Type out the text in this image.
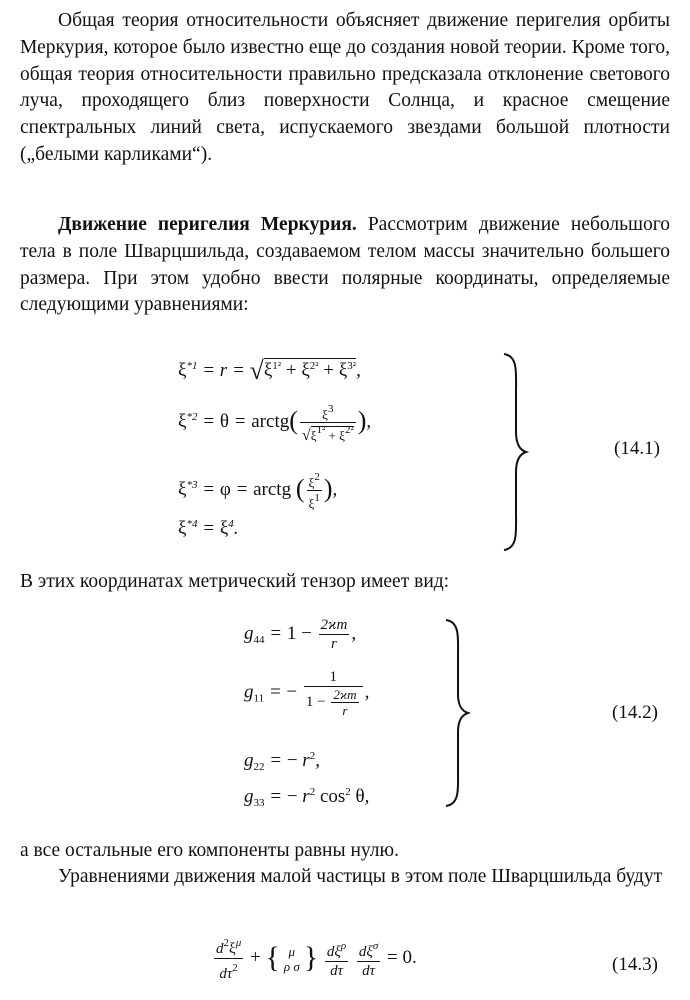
Общая теория относительности объясняет движение перигелия орбиты Меркурия, которое было известно еще до создания новой теории. Кроме того, общая теория относительности правильно предсказала отклонение светового луча, проходящего близ поверхности Солнца, и красное смещение спектральных линий света, испускаемого звездами большой плотности („белыми карликами“).

Движение перигелия Меркурия. Рассмотрим движение небольшого тела в поле Шварцшильда, создаваемом телом массы значительно большего размера. При этом удобно ввести полярные координаты, определяемые следующими уравнениями:

$\xi^{*1} = r = √\xi^{1^2} + \xi^{2^2} + \xi^{3^2}$,
$\xi^{*2} = \theta$ = arctg( $\frac{\xi^3}{√\xi^{1^2} + \xi^{2^2}}$ ),
$\xi^{*3} = \varphi$ = arctg ( $\frac{\xi^2}{\xi^1}$ ),
$\xi^{*4} = \xi^4$.
(14.1)

В этих координатах метрический тензор имеет вид:

$g_{44} = 1 - \frac{2ϰm}{r}$ ,
$g_{11}$ = − $\frac{1}{1 - \frac{2ϰm}{r}}$ ,
$g_{22}$ = − $r^2$,
$g_{33}$ = − $r^2$ $\cos^2 \theta$,
(14.2)

а все остальные его компоненты равны нулю.

Уравнениями движения малой частицы в этом поле Шварцшильда будут

$\frac{d^2\xi^\mu}{d\tau^2}$ + { μ
ρ σ } $\frac{d\xi^\rho}{d\tau}$
$\frac{d\xi^\sigma}{d\tau} = 0$.	(14.3)
